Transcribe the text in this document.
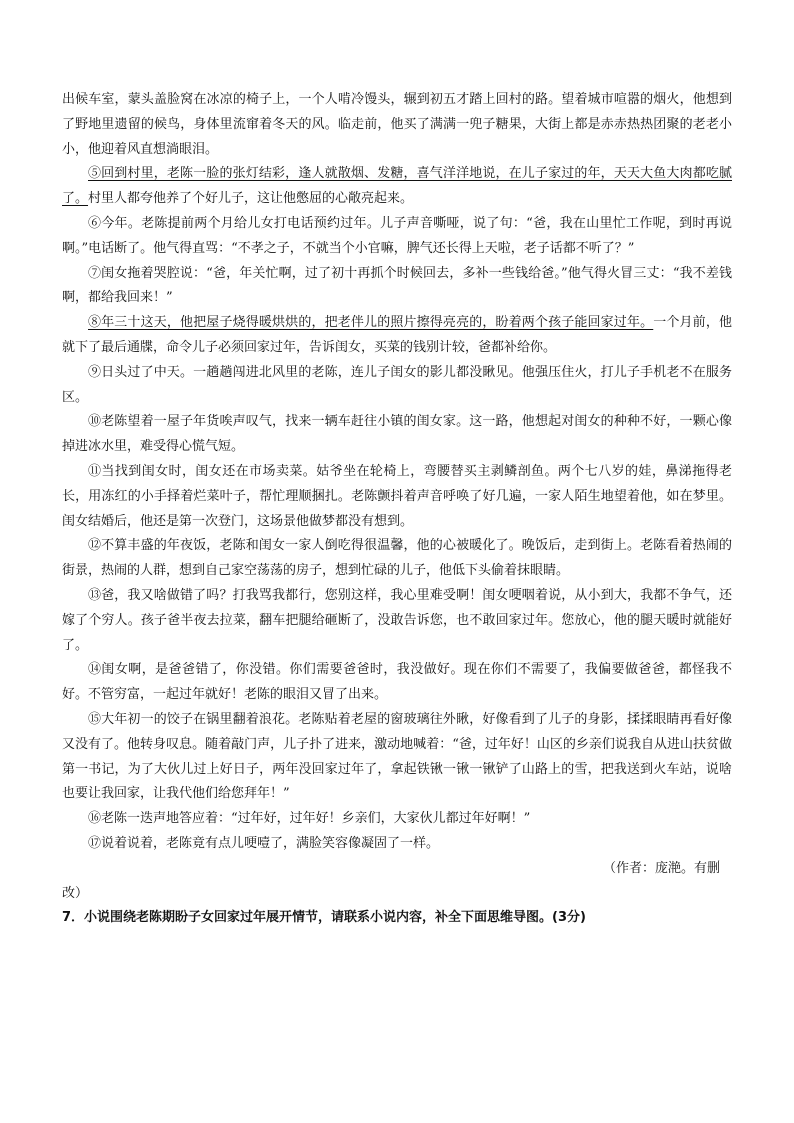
出候车室，蒙头盖脸窝在冰凉的椅子上，一个人啃冷馒头，辗到初五才踏上回村的路。望着城市喧嚣的烟火，他想到了野地里遗留的候鸟，身体里流窜着冬天的风。临走前，他买了满满一兜子糖果，大街上都是赤赤热热团聚的老老小小，他迎着风直想淌眼泪。

⑤回到村里，老陈一脸的张灯结彩，逢人就散烟、发糖，喜气洋洋地说，在儿子家过的年，天天大鱼大肉都吃腻了。村里人都夸他养了个好儿子，这让他憋屈的心敞亮起来。

⑥今年。老陈提前两个月给儿女打电话预约过年。儿子声音嘶哑，说了句：“爸，我在山里忙工作呢，到时再说啊。”电话断了。他气得直骂：“不孝之子，不就当个小官嘛，脾气还长得上天啦，老子话都不听了？”

⑦闺女拖着哭腔说：“爸，年关忙啊，过了初十再抓个时候回去，多补一些钱给爸。”他气得火冒三丈：“我不差钱啊，都给我回来！”

⑧年三十这天，他把屋子烧得暖烘烘的，把老伴儿的照片擦得亮亮的，盼着两个孩子能回家过年。一个月前，他就下了最后通牒，命令儿子必须回家过年，告诉闺女，买菜的钱别计较，爸都补给你。

⑨日头过了中天。一趟趟闯进北风里的老陈，连儿子闺女的影儿都没瞅见。他强压住火，打儿子手机老不在服务区。

⑩老陈望着一屋子年货唉声叹气，找来一辆车赶往小镇的闺女家。这一路，他想起对闺女的种种不好，一颗心像掉进冰水里，难受得心慌气短。

⑪当找到闺女时，闺女还在市场卖菜。姑爷坐在轮椅上，弯腰替买主剥鳞剖鱼。两个七八岁的娃，鼻涕拖得老长，用冻红的小手择着烂菜叶子，帮忙理顺捆扎。老陈颤抖着声音呼唤了好几遍，一家人陌生地望着他，如在梦里。闺女结婚后，他还是第一次登门，这场景他做梦都没有想到。

⑫不算丰盛的年夜饭，老陈和闺女一家人倒吃得很温馨，他的心被暖化了。晚饭后，走到街上。老陈看着热闹的街景，热闹的人群，想到自己家空荡荡的房子，想到忙碌的儿子，他低下头偷着抹眼睛。

⑬爸，我又啥做错了吗？打我骂我都行，您别这样，我心里难受啊！闺女哽咽着说，从小到大，我都不争气，还嫁了个穷人。孩子爸半夜去拉菜，翻车把腿给砸断了，没敢告诉您，也不敢回家过年。您放心，他的腿天暖时就能好了。

⑭闺女啊，是爸爸错了，你没错。你们需要爸爸时，我没做好。现在你们不需要了，我偏要做爸爸，都怪我不好。不管穷富，一起过年就好！老陈的眼泪又冒了出来。

⑮大年初一的饺子在锅里翻着浪花。老陈贴着老屋的窗玻璃往外瞅，好像看到了儿子的身影，揉揉眼睛再看好像又没有了。他转身叹息。随着敲门声，儿子扑了进来，激动地喊着：“爸，过年好！山区的乡亲们说我自从进山扶贫做第一书记，为了大伙儿过上好日子，两年没回家过年了，拿起铁锹一锹一锹铲了山路上的雪，把我送到火车站，说啥也要让我回家，让我代他们给您拜年！”

⑯老陈一迭声地答应着：“过年好，过年好！乡亲们，大家伙儿都过年好啊！”

⑰说着说着，老陈竟有点儿哽噎了，满脸笑容像凝固了一样。

（作者：庞滟。有删

改）

7．小说围绕老陈期盼子女回家过年展开情节，请联系小说内容，补全下面思维导图。(3分)
